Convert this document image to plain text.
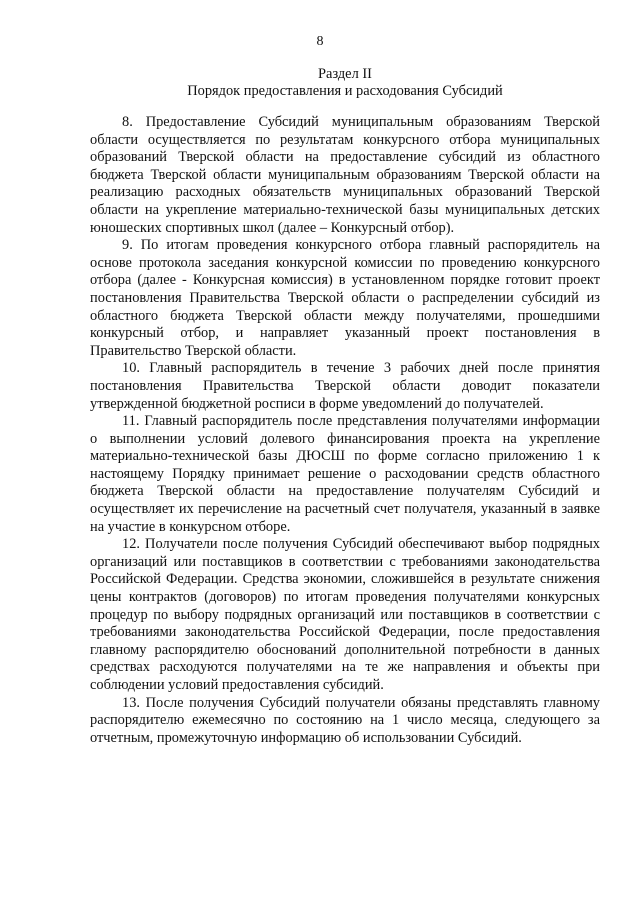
8
Раздел II
Порядок предоставления и расходования Субсидий

8. Предоставление Субсидий муниципальным образованиям Тверской области осуществляется по результатам конкурсного отбора муниципальных образований Тверской области на предоставление субсидий из областного бюджета Тверской области муниципальным образованиям Тверской области на реализацию расходных обязательств муниципальных образований Тверской области на укрепление материально-технической базы муниципальных детских юношеских спортивных школ (далее – Конкурсный отбор).

9. По итогам проведения конкурсного отбора главный распорядитель на основе протокола заседания конкурсной комиссии по проведению конкурсного отбора (далее - Конкурсная комиссия) в установленном порядке готовит проект постановления Правительства Тверской области о распределении субсидий из областного бюджета Тверской области между получателями, прошедшими конкурсный отбор, и направляет указанный проект постановления в Правительство Тверской области.

10. Главный распорядитель в течение 3 рабочих дней после принятия постановления Правительства Тверской области доводит показатели утвержденной бюджетной росписи в форме уведомлений до получателей.

11. Главный распорядитель после представления получателями информации о выполнении условий долевого финансирования проекта на укрепление материально-технической базы ДЮСШ по форме согласно приложению 1 к настоящему Порядку принимает решение о расходовании средств областного бюджета Тверской области на предоставление получателям Субсидий и осуществляет их перечисление на расчетный счет получателя, указанный в заявке на участие в конкурсном отборе.

12. Получатели после получения Субсидий обеспечивают выбор подрядных организаций или поставщиков в соответствии с требованиями законодательства Российской Федерации. Средства экономии, сложившейся в результате снижения цены контрактов (договоров) по итогам проведения получателями конкурсных процедур по выбору подрядных организаций или поставщиков в соответствии с требованиями законодательства Российской Федерации, после предоставления главному распорядителю обоснований дополнительной потребности в данных средствах расходуются получателями на те же направления и объекты при соблюдении условий предоставления субсидий.

13. После получения Субсидий получатели обязаны представлять главному распорядителю ежемесячно по состоянию на 1 число месяца, следующего за отчетным, промежуточную информацию об использовании Субсидий.
